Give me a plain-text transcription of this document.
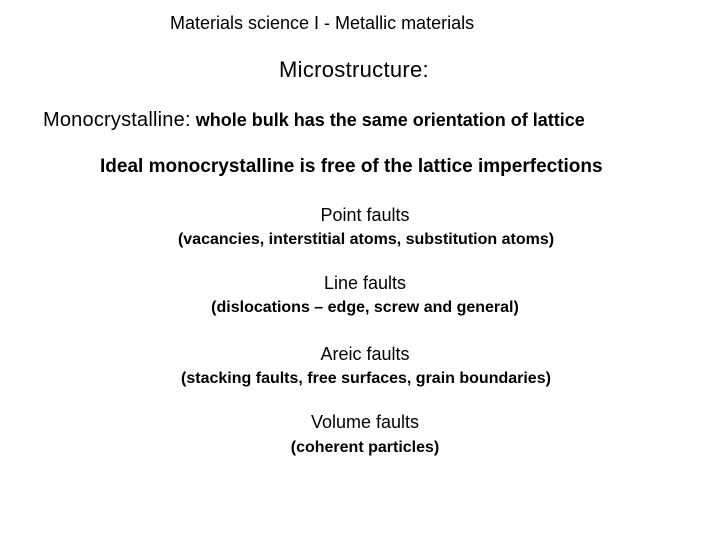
Materials science I - Metallic materials
Microstructure:
Monocrystalline: whole bulk has the same orientation of lattice
Ideal monocrystalline is free of the lattice imperfections
Point faults
(vacancies, interstitial atoms, substitution atoms)
Line faults
(dislocations – edge, screw and general)
Areic faults
(stacking faults, free surfaces, grain boundaries)
Volume faults
(coherent particles)
